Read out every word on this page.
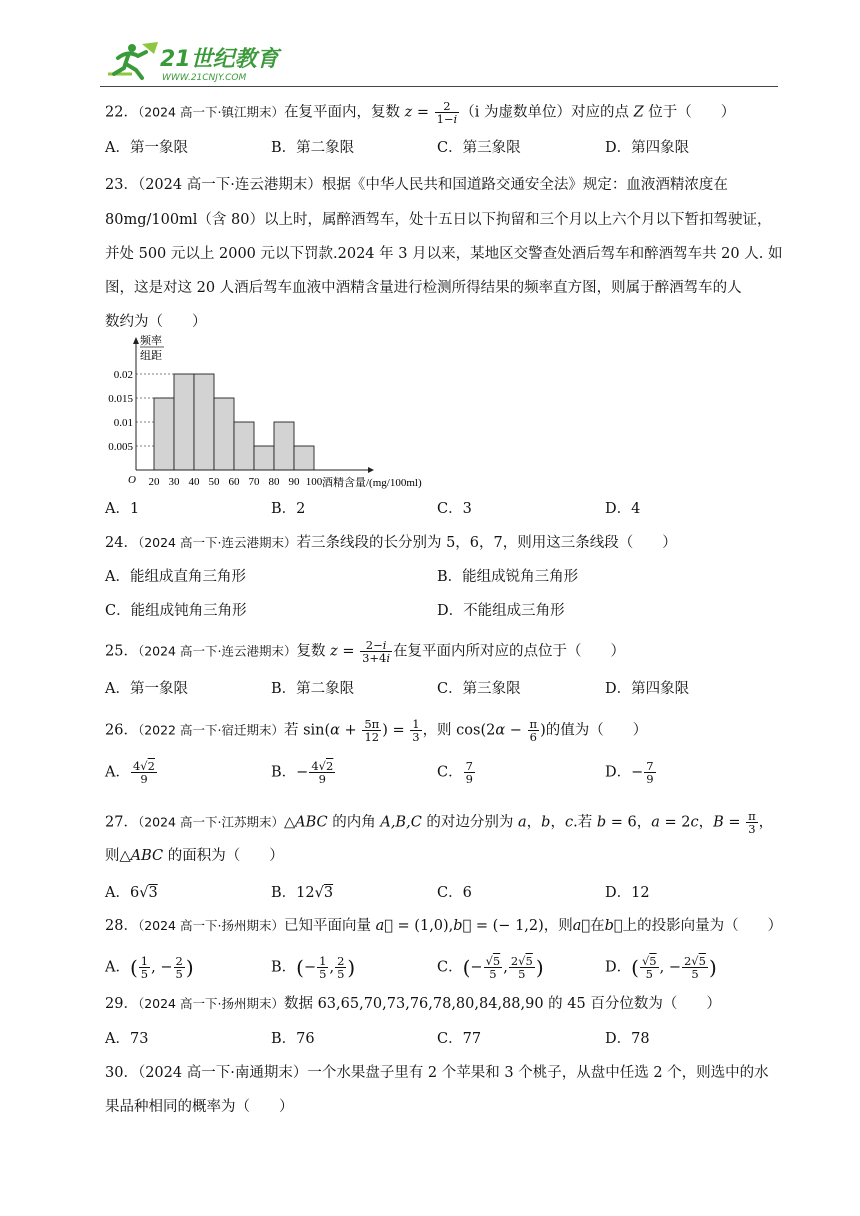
21世纪教育
WWW.21CNJY.COM
22．（2024 高一下·镇江期末）在复平面内，复数 $z = \frac{2}{1-i} (i$ 为虚数单位）对应的点 Z 位于（　　）
A．第一象限	B．第二象限	C．第三象限	D．第四象限
23．（2024 高一下·连云港期末）根据《中华人民共和国道路交通安全法》规定：血液酒精浓度在
80mg/100ml（含 80）以上时，属醉酒驾车，处十五日以下拘留和三个月以上六个月以下暂扣驾驶证，
并处 500 元以上 2000 元以下罚款.2024 年 3 月以来，某地区交警查处酒后驾车和醉酒驾车共 20 人. 如
图，这是对这 20 人酒后驾车血液中酒精含量进行检测所得结果的频率直方图，则属于醉酒驾车的人
数约为（　　）
0.005
0.01
0.015
0.02
20 30 40 50 60 70 80 90 100
O
频率
组距
酒精含量/(mg/100ml)
A．1	B．2	C．3	D．4
24．（2024 高一下·连云港期末）若三条线段的长分别为 5，6，7，则用这三条线段（　　）
A．能组成直角三角形	B．能组成锐角三角形
C．能组成钝角三角形	D．不能组成三角形
25．（2024 高一下·连云港期末）复数 $z = \frac{2-i}{3+4i}$ 在复平面内所对应的点位于（　　）
A．第一象限	B．第二象限	C．第三象限	D．第四象限
26．（2022 高一下·宿迁期末）若 $\sin(\alpha + \frac{5\pi}{12}$ ) = $\frac{1}{3}$ ，则 $\cos(2\alpha - \frac{\pi}{6}$ )的值为（　　）
A． $\frac{4√2}{9}$	B．− $\frac{4√2}{9}$	C． $\frac{7}{9}$	D．− $\frac{7}{9}$
27．（2024 高一下·江苏期末）△ABC 的内角 A,B,C 的对边分别为 a，b，c.若 b = 6，a = 2c，$B = \frac{\pi}{3}$ ，
则△ABC 的面积为（　　）
A．6√3	B．12√3	C．6	D．12
28．（2024 高一下·扬州期末）已知平面向量 a⃗ = (1,0),b⃗ = (− 1,2)，则a⃗在b⃗上的投影向量为（　　）
A．( $\frac{1}{5}$ , − $\frac{2}{5}$ )	B．(− $\frac{1}{5}$ , $\frac{2}{5}$ )	C．(− $\frac{√5}{5}$ , $\frac{2√5}{5}$ )	D．( $\frac{√5}{5}$ , − $\frac{2√5}{5}$ )
29．（2024 高一下·扬州期末）数据 63,65,70,73,76,78,80,84,88,90 的 45 百分位数为（　　）
A．73	B．76	C．77	D．78
30．（2024 高一下·南通期末）一个水果盘子里有 2 个苹果和 3 个桃子，从盘中任选 2 个，则选中的水
果品种相同的概率为（　　）
